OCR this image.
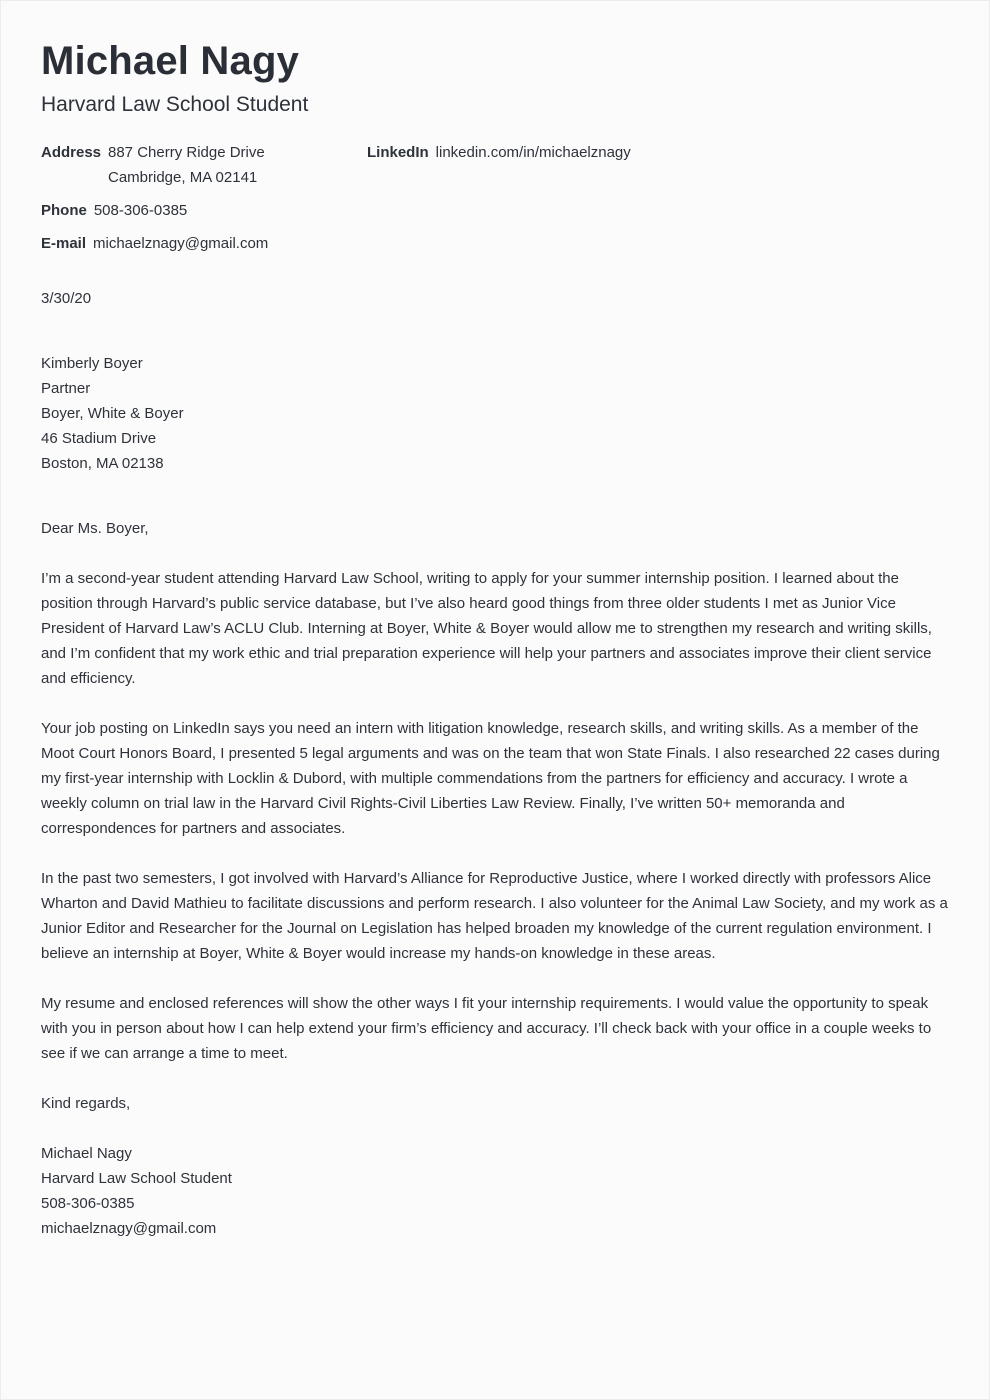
Michael Nagy
Harvard Law School Student
Address 887 Cherry Ridge Drive
Cambridge, MA 02141
LinkedIn linkedin.com/in/michaelznagy
Phone 508-306-0385
E-mail michaelznagy@gmail.com
3/30/20
Kimberly Boyer
Partner
Boyer, White & Boyer
46 Stadium Drive
Boston, MA 02138
Dear Ms. Boyer,
I’m a second-year student attending Harvard Law School, writing to apply for your summer internship position. I learned about the
position through Harvard’s public service database, but I’ve also heard good things from three older students I met as Junior Vice
President of Harvard Law’s ACLU Club. Interning at Boyer, White & Boyer would allow me to strengthen my research and writing skills,
and I’m confident that my work ethic and trial preparation experience will help your partners and associates improve their client service
and efficiency.
Your job posting on LinkedIn says you need an intern with litigation knowledge, research skills, and writing skills. As a member of the
Moot Court Honors Board, I presented 5 legal arguments and was on the team that won State Finals. I also researched 22 cases during
my first-year internship with Locklin & Dubord, with multiple commendations from the partners for efficiency and accuracy. I wrote a
weekly column on trial law in the Harvard Civil Rights-Civil Liberties Law Review. Finally, I’ve written 50+ memoranda and
correspondences for partners and associates.
In the past two semesters, I got involved with Harvard’s Alliance for Reproductive Justice, where I worked directly with professors Alice
Wharton and David Mathieu to facilitate discussions and perform research. I also volunteer for the Animal Law Society, and my work as a
Junior Editor and Researcher for the Journal on Legislation has helped broaden my knowledge of the current regulation environment. I
believe an internship at Boyer, White & Boyer would increase my hands-on knowledge in these areas.
My resume and enclosed references will show the other ways I fit your internship requirements. I would value the opportunity to speak
with you in person about how I can help extend your firm’s efficiency and accuracy. I’ll check back with your office in a couple weeks to
see if we can arrange a time to meet.
Kind regards,
Michael Nagy
Harvard Law School Student
508-306-0385
michaelznagy@gmail.com
